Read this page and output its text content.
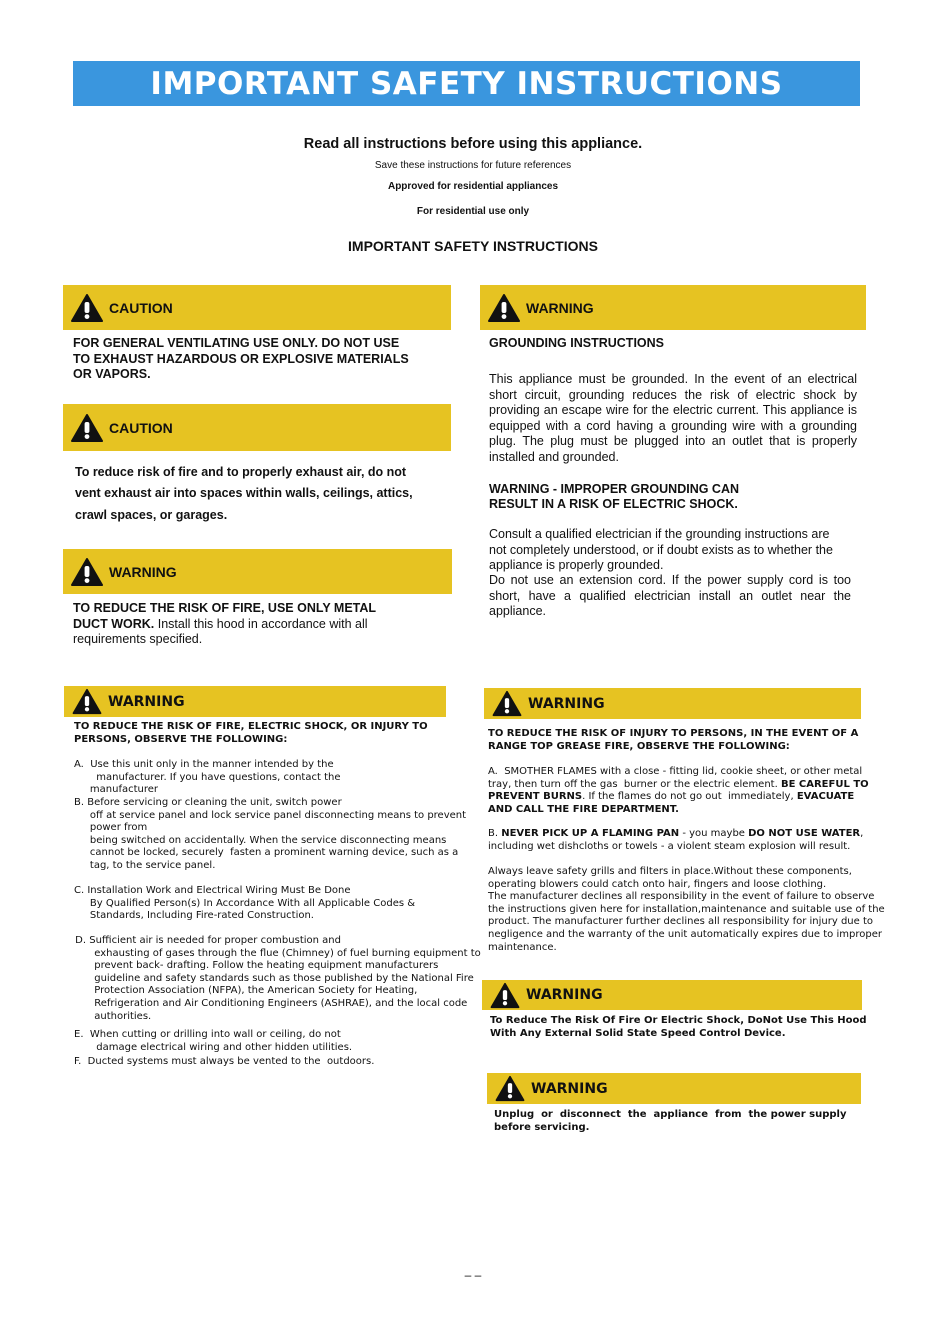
IMPORTANT SAFETY INSTRUCTIONS
Read all instructions before using this appliance.
Save these instructions for future references
Approved for residential appliances
For residential use only
IMPORTANT SAFETY INSTRUCTIONS
CAUTION
FOR GENERAL VENTILATING USE ONLY. DO NOT USE
TO EXHAUST HAZARDOUS OR EXPLOSIVE MATERIALS
OR VAPORS.
CAUTION
To reduce risk of fire and to properly exhaust air, do not
vent exhaust air into spaces within walls, ceilings, attics,
crawl spaces, or garages.
WARNING
TO REDUCE THE RISK OF FIRE, USE ONLY METAL
DUCT WORK. Install this hood in accordance with all
requirements specified.
WARNING
TO REDUCE THE RISK OF FIRE, ELECTRIC SHOCK, OR INJURY TO
PERSONS, OBSERVE THE FOLLOWING:
A.  Use this unit only in the manner intended by the
manufacturer. If you have questions, contact the
manufacturer
B. Before servicing or cleaning the unit, switch power
off at service panel and lock service panel disconnecting means to prevent
power from
being switched on accidentally. When the service disconnecting means
cannot be locked, securely  fasten a prominent warning device, such as a
tag, to the service panel.
C. Installation Work and Electrical Wiring Must Be Done
By Qualified Person(s) In Accordance With all Applicable Codes &
Standards, Including Fire-rated Construction.
D. Sufficient air is needed for proper combustion and
exhausting of gases through the flue (Chimney) of fuel burning equipment to
prevent back- drafting. Follow the heating equipment manufacturers
guideline and safety standards such as those published by the National Fire
Protection Association (NFPA), the American Society for Heating,
Refrigeration and Air Conditioning Engineers (ASHRAE), and the local code
authorities.
E.  When cutting or drilling into wall or ceiling, do not
damage electrical wiring and other hidden utilities.
F.  Ducted systems must always be vented to the  outdoors.
WARNING
GROUNDING INSTRUCTIONS
This appliance must be grounded. In the event of an electrical short circuit, grounding reduces the risk of electric shock by providing an escape wire for the electric current. This appliance is equipped with a cord having a grounding wire with a grounding plug. The plug must be plugged into an outlet that is properly installed and grounded.
WARNING - IMPROPER GROUNDING CAN
RESULT IN A RISK OF ELECTRIC SHOCK.
Consult a qualified electrician if the grounding instructions are
not completely understood, or if doubt exists as to whether the
appliance is properly grounded.
Do not use an extension cord. If the power supply cord is too short, have a qualified electrician install an outlet near the appliance.
WARNING
TO REDUCE THE RISK OF INJURY TO PERSONS, IN THE EVENT OF A
RANGE TOP GREASE FIRE, OBSERVE THE FOLLOWING:
A.  SMOTHER FLAMES with a close - fitting lid, cookie sheet, or other metal
tray, then turn off the gas  burner or the electric element. BE CAREFUL TO
PREVENT BURNS. If the flames do not go out  immediately, EVACUATE
AND CALL THE FIRE DEPARTMENT.
B. NEVER PICK UP A FLAMING PAN - you maybe DO NOT USE WATER,
including wet dishcloths or towels - a violent steam explosion will result.
Always leave safety grills and filters in place.Without these components,
operating blowers could catch onto hair, fingers and loose clothing.
The manufacturer declines all responsibility in the event of failure to observe
the instructions given here for installation,maintenance and suitable use of the
product. The manufacturer further declines all responsibility for injury due to
negligence and the warranty of the unit automatically expires due to improper
maintenance.
WARNING
To Reduce The Risk Of Fire Or Electric Shock, DoNot Use This Hood
With Any External Solid State Speed Control Device.
WARNING
Unplug  or  disconnect  the  appliance  from  the power supply
before servicing.
– –
